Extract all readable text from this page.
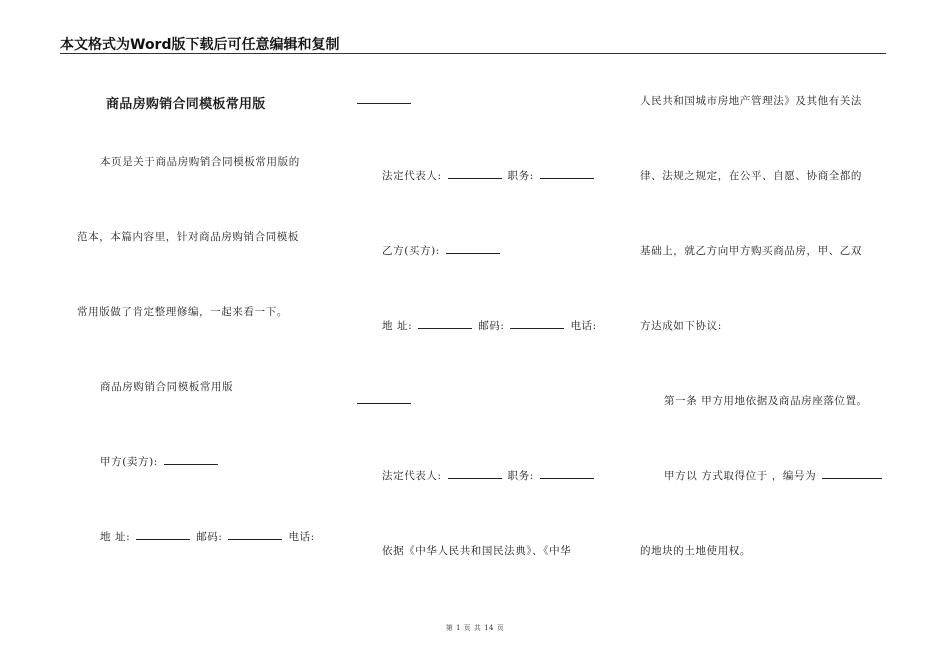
本文格式为Word版下载后可任意编辑和复制
商品房购销合同模板常用版
本页是关于商品房购销合同模板常用版的
范本，本篇内容里，针对商品房购销合同模板
常用版做了肯定整理修编，一起来看一下。
商品房购销合同模板常用版
甲方(卖方):
地 址:	邮码:	电话:
法定代表人:	职务:
乙方(买方):
地 址:	邮码:	电话:
法定代表人:	职务:
依据《中华人民共和国民法典》、《中华
人民共和国城市房地产管理法》及其他有关法
律、法规之规定，在公平、自愿、协商全都的
基础上，就乙方向甲方购买商品房，甲、乙双
方达成如下协议:
第一条 甲方用地依据及商品房座落位置。
甲方以 方式取得位于 ，编号为
的地块的土地使用权。
第 1 页 共 14 页
